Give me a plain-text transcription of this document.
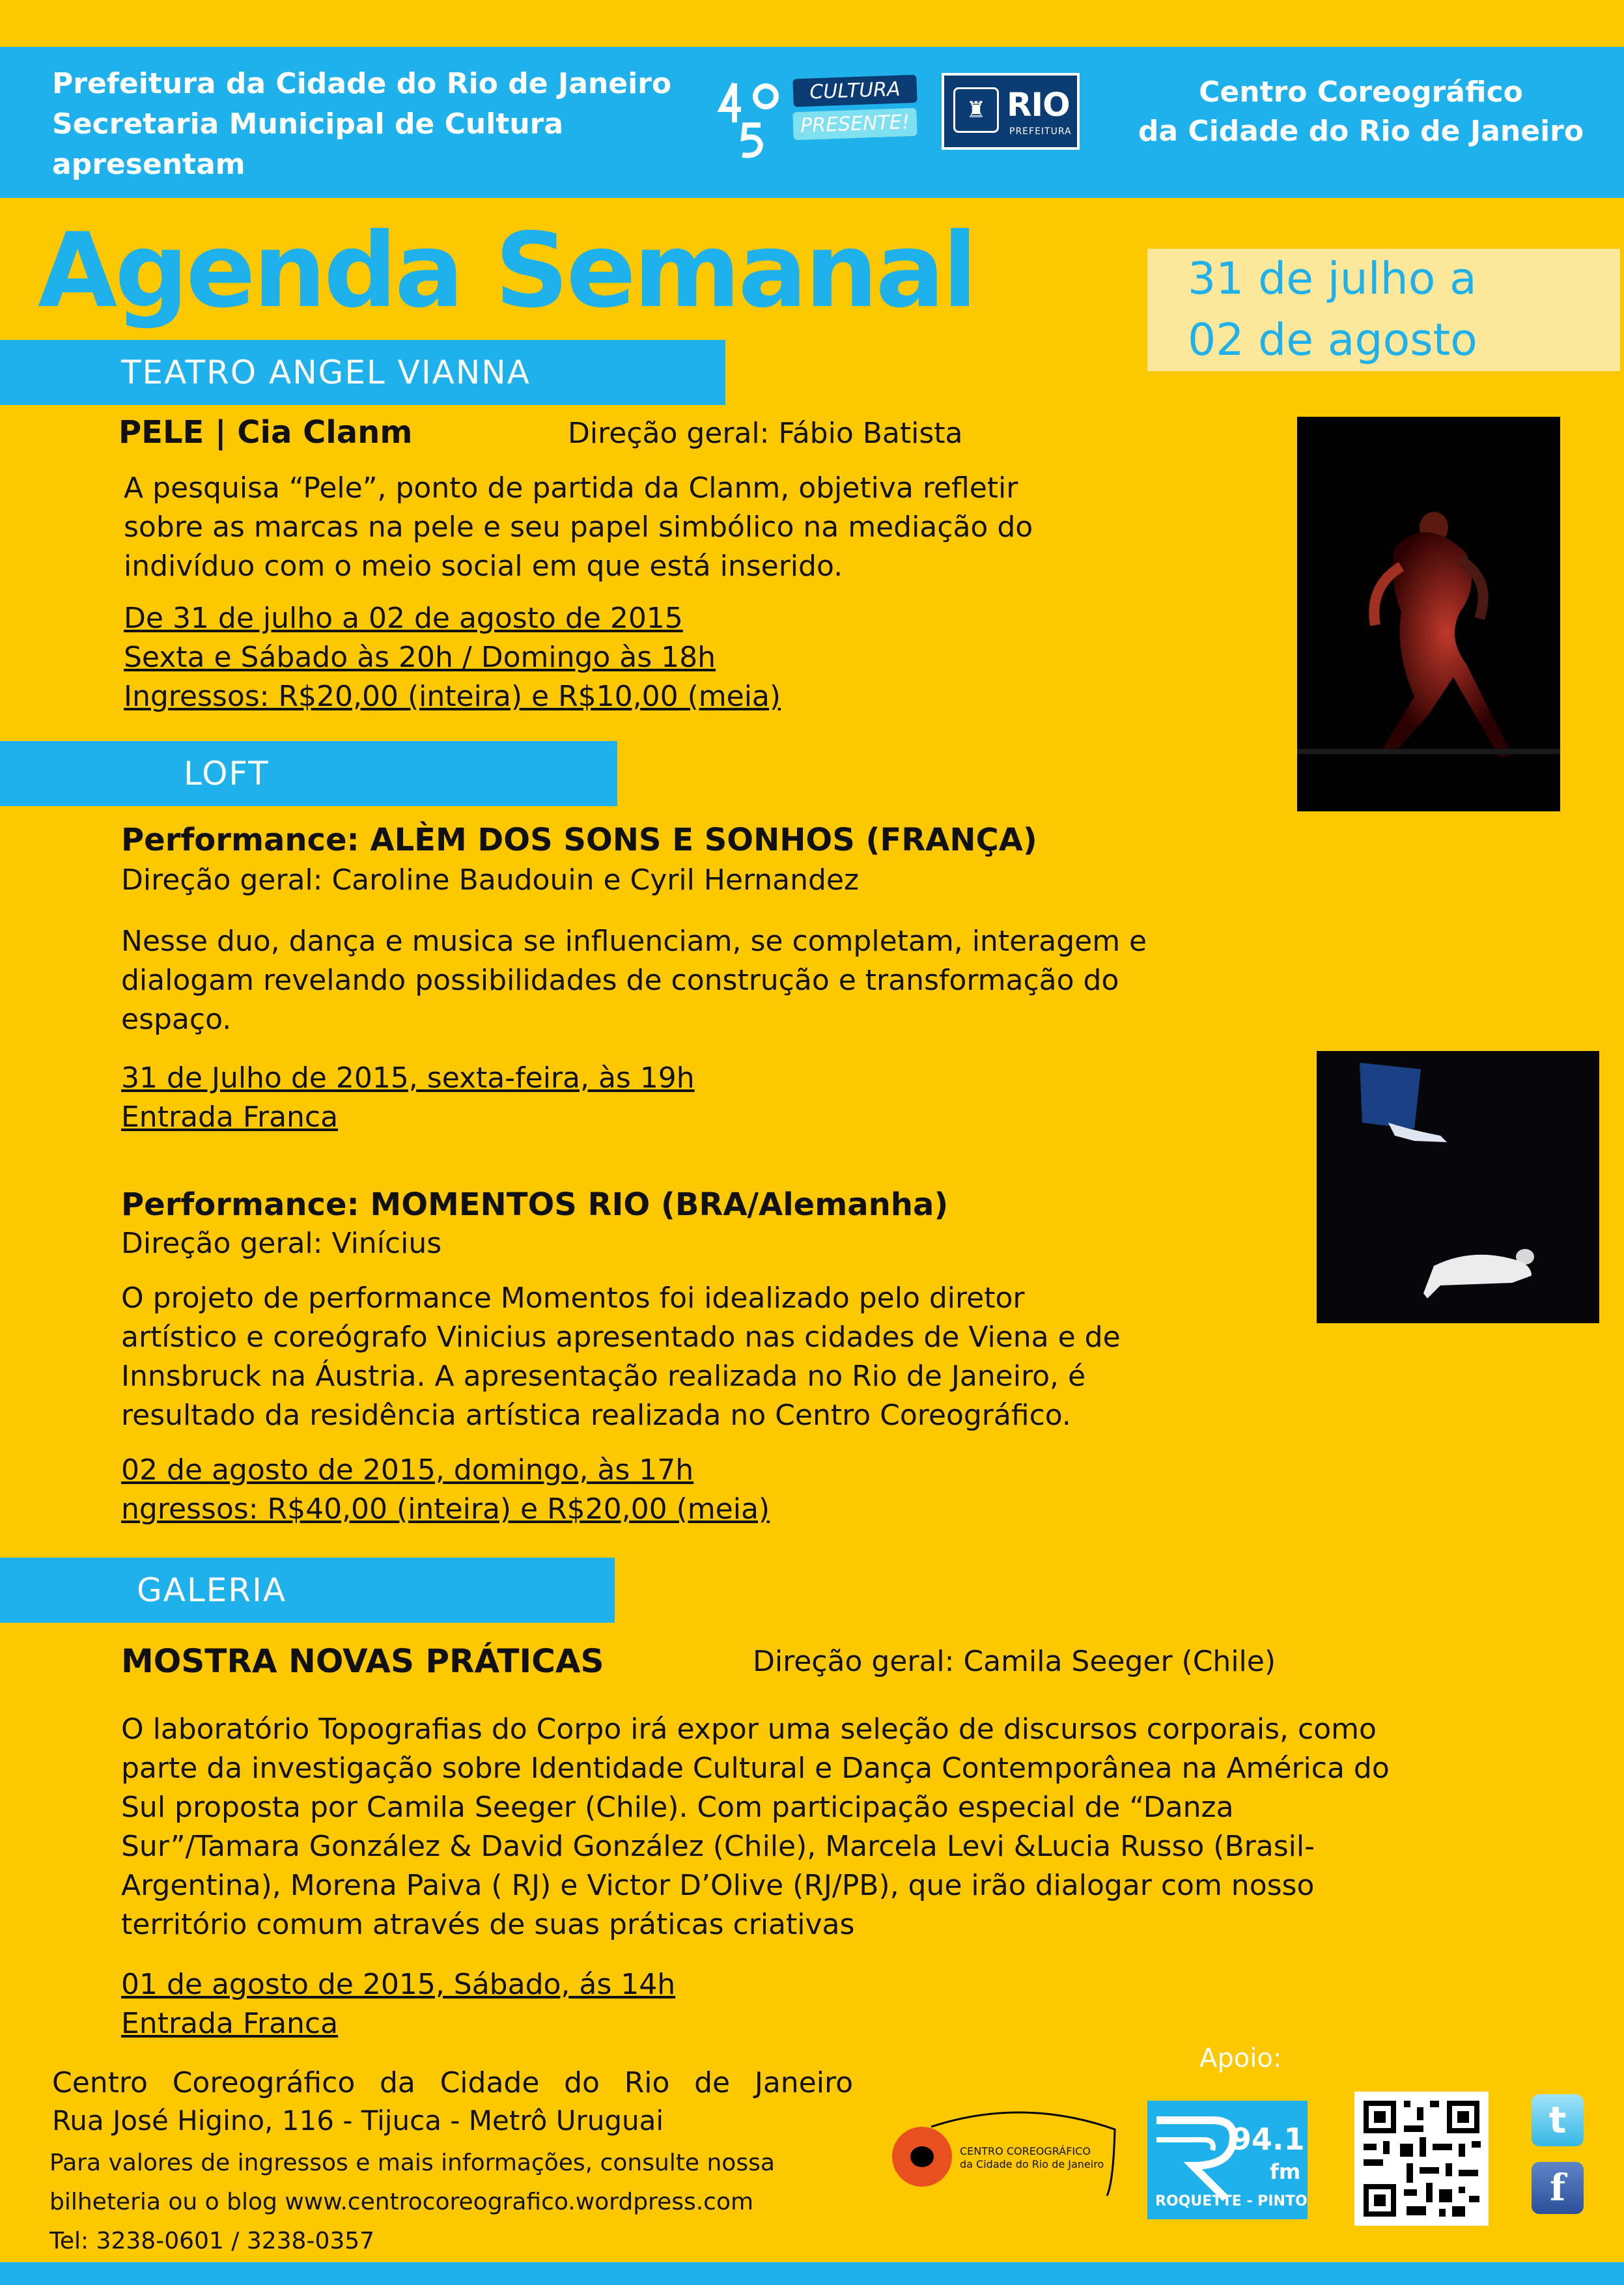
Prefeitura da Cidade do Rio de Janeiro
Secretaria Municipal de Cultura
apresentam
CULTURA
PRESENTE!
♜ RIO
PREFEITURA
Centro Coreográfico
da Cidade do Rio de Janeiro
Agenda Semanal	31 de julho a
02 de agosto
TEATRO ANGEL VIANNA
PELE | Cia Clanm	Direção geral: Fábio Batista
A pesquisa “Pele”, ponto de partida da Clanm, objetiva refletir
sobre as marcas na pele e seu papel simbólico na mediação do
indivíduo com o meio social em que está inserido.
De 31 de julho a 02 de agosto de 2015
Sexta e Sábado às 20h / Domingo às 18h
Ingressos: R$20,00 (inteira) e R$10,00 (meia)
LOFT
Performance: ALÈM DOS SONS E SONHOS (FRANÇA)
Direção geral: Caroline Baudouin e Cyril Hernandez
Nesse duo, dança e musica se influenciam, se completam, interagem e
dialogam revelando possibilidades de construção e transformação do
espaço.
31 de Julho de 2015, sexta-feira, às 19h
Entrada Franca
Performance: MOMENTOS RIO (BRA/Alemanha)
Direção geral: Vinícius
O projeto de performance Momentos foi idealizado pelo diretor
artístico e coreógrafo Vinicius apresentado nas cidades de Viena e de
Innsbruck na Áustria. A apresentação realizada no Rio de Janeiro, é
resultado da residência artística realizada no Centro Coreográfico.
02 de agosto de 2015, domingo, às 17h
ngressos: R$40,00 (inteira) e R$20,00 (meia)
GALERIA
MOSTRA NOVAS PRÁTICAS	Direção geral: Camila Seeger (Chile)
O laboratório Topografias do Corpo irá expor uma seleção de discursos corporais, como
parte da investigação sobre Identidade Cultural e Dança Contemporânea na América do
Sul proposta por Camila Seeger (Chile). Com participação especial de “Danza
Sur”/Tamara González & David González (Chile), Marcela Levi &Lucia Russo (Brasil-
Argentina), Morena Paiva ( RJ) e Victor D’Olive (RJ/PB), que irão dialogar com nosso
território comum através de suas práticas criativas
01 de agosto de 2015, Sábado, ás 14h
Entrada Franca
Centro Coreográfico da Cidade do Rio de Janeiro
Rua José Higino, 116 - Tijuca - Metrô Uruguai
Para valores de ingressos e mais informações, consulte nossa
bilheteria ou o blog www.centrocoreografico.wordpress.com
Tel: 3238-0601 / 3238-0357
Apoio:
CENTRO COREOGRÁFICO
da Cidade do Rio de Janeiro
94.1
fm
ROQUETTE - PINTO
t
f
